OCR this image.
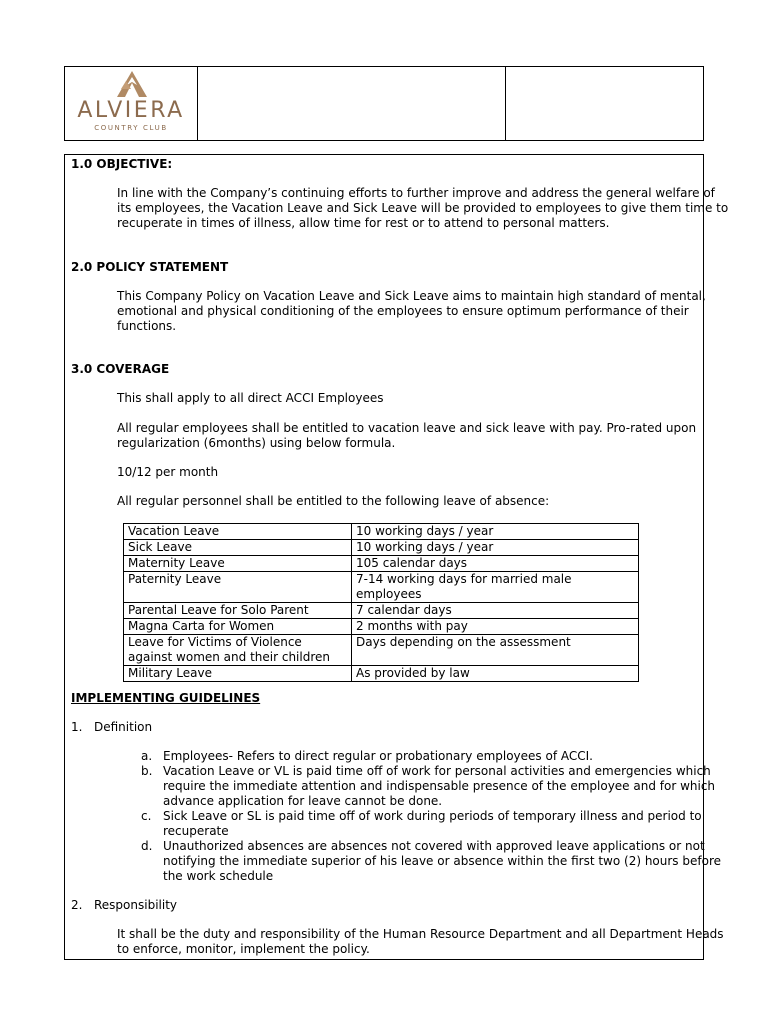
ALVIERA
COUNTRY CLUB
1.0 OBJECTIVE:
In line with the Company’s continuing efforts to further improve and address the general welfare of
its employees, the Vacation Leave and Sick Leave will be provided to employees to give them time to
recuperate in times of illness, allow time for rest or to attend to personal matters.
2.0 POLICY STATEMENT
This Company Policy on Vacation Leave and Sick Leave aims to maintain high standard of mental,
emotional and physical conditioning of the employees to ensure optimum performance of their
functions.
3.0 COVERAGE
This shall apply to all direct ACCI Employees
All regular employees shall be entitled to vacation leave and sick leave with pay. Pro-rated upon
regularization (6months) using below formula.
10/12 per month
All regular personnel shall be entitled to the following leave of absence:
Vacation Leave	10 working days / year
Sick Leave	10 working days / year
Maternity Leave	105 calendar days
Paternity Leave	7-14 working days for married male employees
Parental Leave for Solo Parent	7 calendar days
Magna Carta for Women	2 months with pay
Leave for Victims of Violence against women and their children	Days depending on the assessment
Military Leave	As provided by law
IMPLEMENTING GUIDELINES
1. Definition
a. Employees- Refers to direct regular or probationary employees of ACCI.
b. Vacation Leave or VL is paid time off of work for personal activities and emergencies which
require the immediate attention and indispensable presence of the employee and for which
advance application for leave cannot be done.
c. Sick Leave or SL is paid time off of work during periods of temporary illness and period to
recuperate
d. Unauthorized absences are absences not covered with approved leave applications or not
notifying the immediate superior of his leave or absence within the first two (2) hours before
the work schedule
2. Responsibility
It shall be the duty and responsibility of the Human Resource Department and all Department Heads
to enforce, monitor, implement the policy.
